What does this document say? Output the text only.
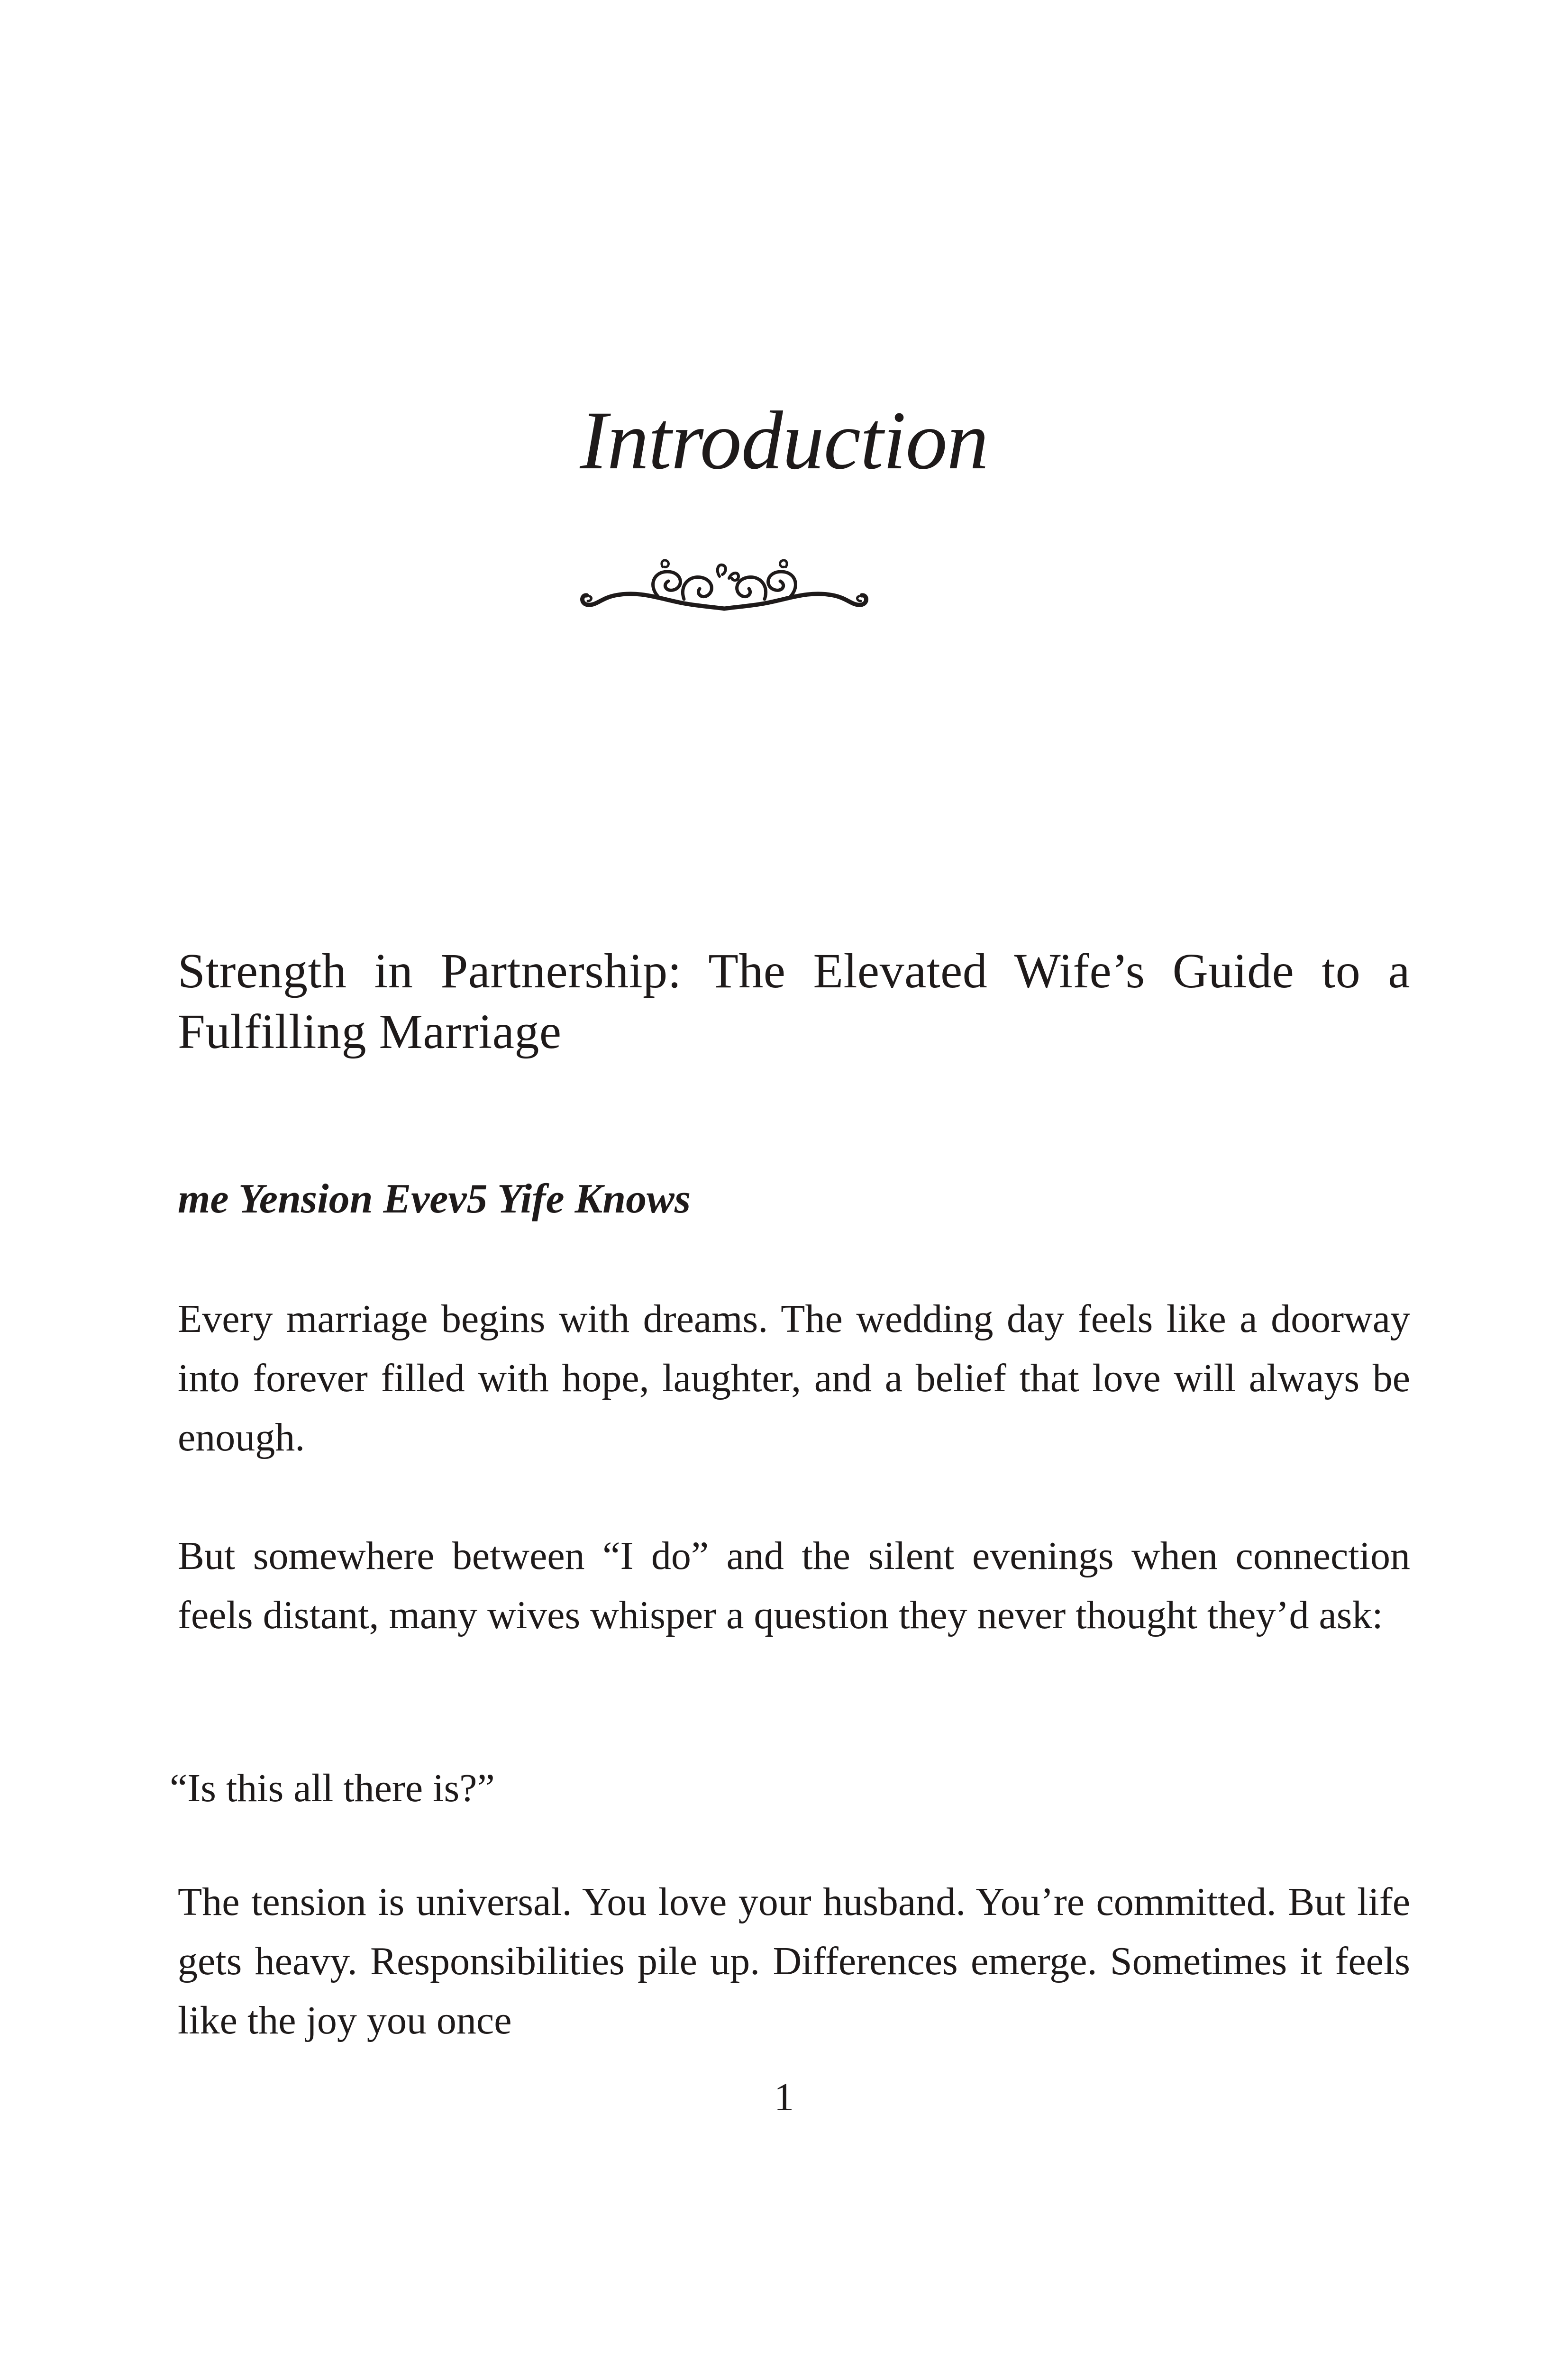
Introduction
Strength in Partnership: The Elevated Wife’s Guide to a Fulfilling Marriage
me Yension Evev5 Yife Knows

Every marriage begins with dreams. The wedding day feels like a doorway into forever filled with hope, laughter, and a belief that love will always be enough.

But somewhere between “I do” and the silent evenings when connection feels distant, many wives whisper a question they never thought they’d ask:

“Is this all there is?”

The tension is universal. You love your husband. You’re committed. But life gets heavy. Responsibilities pile up. Differences emerge. Sometimes it feels like the joy you once

1
